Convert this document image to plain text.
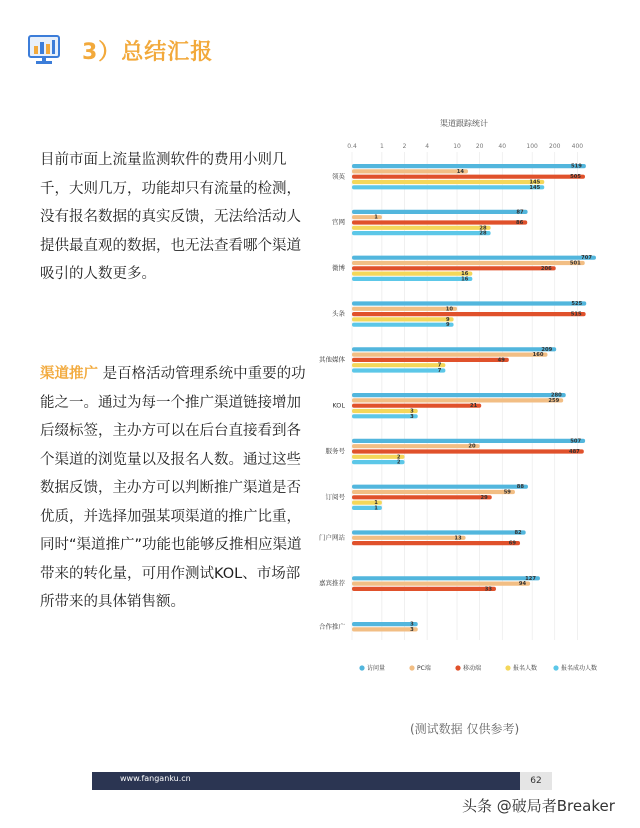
3）总结汇报
目前市面上流量监测软件的费用小则几千，大则几万，功能却只有流量的检测，没有报名数据的真实反馈，无法给活动人提供最直观的数据，也无法查看哪个渠道吸引的人数更多。
渠道推广 是百格活动管理系统中重要的功能之一。通过为每一个推广渠道链接增加后缀标签，主办方可以在后台直接看到各个渠道的浏览量以及报名人数。通过这些数据反馈，主办方可以判断推广渠道是否优质，并选择加强某项渠道的推广比重，同时“渠道推广”功能也能够反推相应渠道带来的转化量，可用作测试KOL、市场部所带来的具体销售额。
渠道跟踪统计
0.4	1	2	4	10 20 40	100 200 400
领英
519
14
505
145
145
官网
87
1
86
28
28
微博
707
501
206
16
16
头条
525
10
515
9
9
其他媒体
209
160
49
7
7
KOL
280
259
21
3
3
服务号
507
20
487
2
2
订阅号
88
59
29
1
1
门户网站
82
13
69
嘉宾推荐
127
94
33
合作推广	3
3
访问量	PC端	移动端	报名人数	报名成功人数
(测试数据 仅供参考)
www.fanganku.cn	62
头条 @破局者Breaker
